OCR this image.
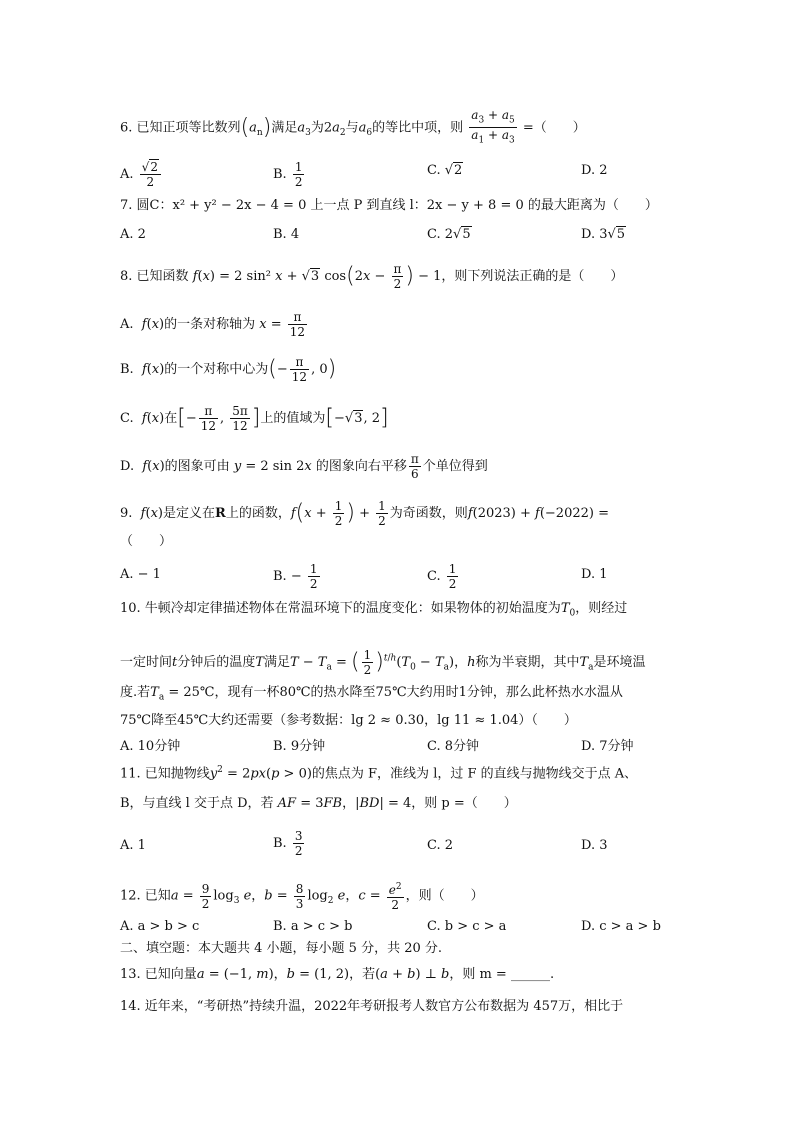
6. 已知正项等比数列$(a_n)$满足$a_3$为$2a_2$与$a_6$的等比中项，则 $\frac{a_3 + a_5}{a_1 + a_3}$ =（　　）
A. $\frac{√2}{2}$	B. $\frac{1}{2}$	C. √2	D. 2
7. 圆C：x² + y² − 2x − 4 = 0 上一点 P 到直线 l：2x − y + 8 = 0 的最大距离为（　　）
A. 2	B. 4	C. 2√5	D. 3√5
8. 已知函数 f(x) = 2 sin² x + √3 $\cos(2x - \frac{\pi}{2}$ ) − 1，则下列说法正确的是（　　）
A. f(x)的一条对称轴为 $x = \frac{\pi}{12}$
B. f(x)的一个对称中心为(− $\frac{\pi}{12}$ , 0)
C. f(x)在[− $\frac{\pi}{12}$ , $\frac{5\pi}{12}$ ]上的值域为[−√3, 2]
D. f(x)的图象可由 y = 2 sin 2x 的图象向右平移 $\frac{\pi}{6}$ 个单位得到
9. f(x)是定义在R上的函数，$f(x + \frac{1}{2}$ ) + $\frac{1}{2}$ 为奇函数，则f(2023) + f(−2022) =
（　　）
A. − 1	B. − $\frac{1}{2}$	C. $\frac{1}{2}$	D. 1
10. 牛顿冷却定律描述物体在常温环境下的温度变化：如果物体的初始温度为$T_0$，则经过
一定时间t分钟后的温度T满足$T - T_a$ = ( $\frac{1}{2} )^{t/h}(T_0 - T_a)$，h称为半衰期，其中$T_a$是环境温
度.若$T_a$ = 25℃，现有一杯80℃的热水降至75℃大约用时1分钟，那么此杯热水水温从
75℃降至45℃大约还需要（参考数据：lg 2 ≈ 0.30，lg 11 ≈ 1.04）（　　）
A. 10分钟	B. 9分钟	C. 8分钟	D. 7分钟
11. 已知抛物线$y^2 = 2px(p > 0)$的焦点为 F，准线为 l，过 F 的直线与抛物线交于点 A、
B，与直线 l 交于点 D，若 AF = 3FB，|BD| = 4，则 p =（　　）
A. 1	B. $\frac{3}{2}$	C. 2	D. 3
12. 已知$a = \frac{9}{2} \log_3 e$，$b = \frac{8}{3} \log_2 e$，$c = \frac{e^2}{2}$ ，则（　　）
A. a > b > c	B. a > c > b	C. b > c > a	D. c > a > b
二、填空题：本大题共 4 小题，每小题 5 分，共 20 分.
13. 已知向量a = (−1, m)，b = (1, 2)，若(a + b) ⊥ b，则 m = ______.
14. 近年来，“考研热”持续升温，2022年考研报考人数官方公布数据为 457万，相比于
